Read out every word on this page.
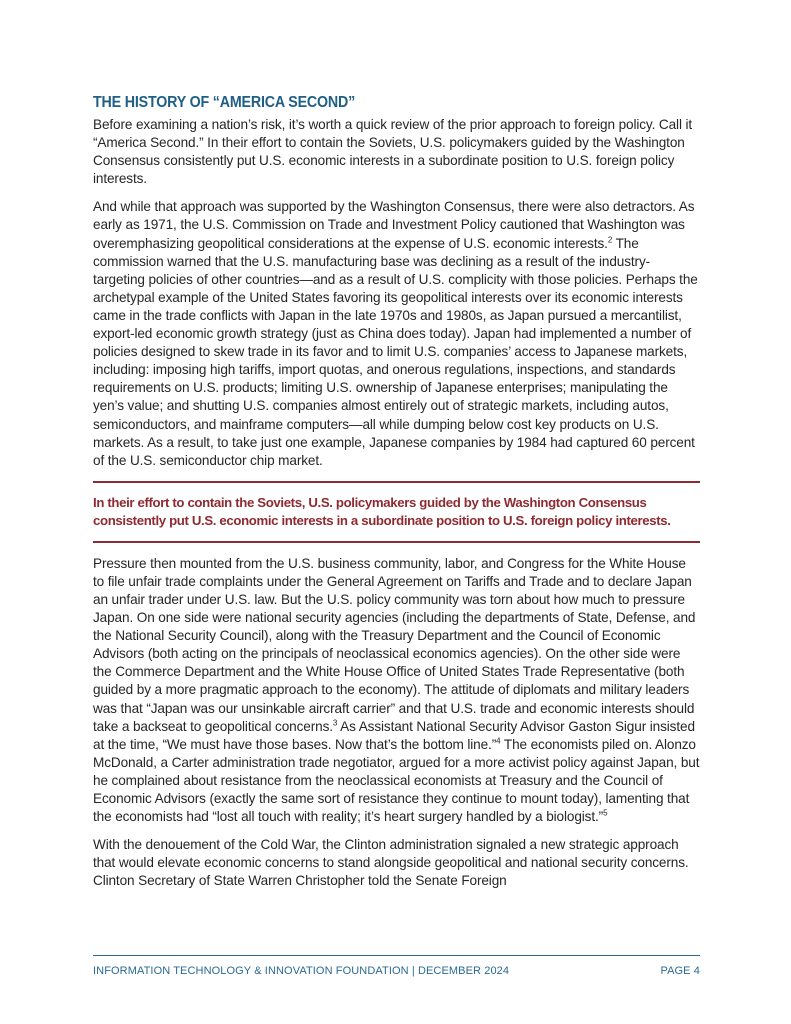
THE HISTORY OF “AMERICA SECOND”

Before examining a nation’s risk, it’s worth a quick review of the prior approach to foreign policy. Call it “America Second.” In their effort to contain the Soviets, U.S. policymakers guided by the Washington Consensus consistently put U.S. economic interests in a subordinate position to U.S. foreign policy interests.

And while that approach was supported by the Washington Consensus, there were also detractors. As early as 1971, the U.S. Commission on Trade and Investment Policy cautioned that Washington was overemphasizing geopolitical considerations at the expense of U.S. economic interests.$^2$ The commission warned that the U.S. manufacturing base was declining as a result of the industry-targeting policies of other countries—and as a result of U.S. complicity with those policies. Perhaps the archetypal example of the United States favoring its geopolitical interests over its economic interests came in the trade conflicts with Japan in the late 1970s and 1980s, as Japan pursued a mercantilist, export-led economic growth strategy (just as China does today). Japan had implemented a number of policies designed to skew trade in its favor and to limit U.S. companies’ access to Japanese markets, including: imposing high tariffs, import quotas, and onerous regulations, inspections, and standards requirements on U.S. products; limiting U.S. ownership of Japanese enterprises; manipulating the yen’s value; and shutting U.S. companies almost entirely out of strategic markets, including autos, semiconductors, and mainframe computers—all while dumping below cost key products on U.S. markets. As a result, to take just one example, Japanese companies by 1984 had captured 60 percent of the U.S. semiconductor chip market.

In their effort to contain the Soviets, U.S. policymakers guided by the Washington Consensus consistently put U.S. economic interests in a subordinate position to U.S. foreign policy interests.

Pressure then mounted from the U.S. business community, labor, and Congress for the White House to file unfair trade complaints under the General Agreement on Tariffs and Trade and to declare Japan an unfair trader under U.S. law. But the U.S. policy community was torn about how much to pressure Japan. On one side were national security agencies (including the departments of State, Defense, and the National Security Council), along with the Treasury Department and the Council of Economic Advisors (both acting on the principals of neoclassical economics agencies). On the other side were the Commerce Department and the White House Office of United States Trade Representative (both guided by a more pragmatic approach to the economy). The attitude of diplomats and military leaders was that “Japan was our unsinkable aircraft carrier” and that U.S. trade and economic interests should take a backseat to geopolitical concerns.$^3$ As Assistant National Security Advisor Gaston Sigur insisted at the time, “We must have those bases. Now that’s the bottom line.”$^4$ The economists piled on. Alonzo McDonald, a Carter administration trade negotiator, argued for a more activist policy against Japan, but he complained about resistance from the neoclassical economists at Treasury and the Council of Economic Advisors (exactly the same sort of resistance they continue to mount today), lamenting that the economists had “lost all touch with reality; it’s heart surgery handled by a biologist.”$^5$

With the denouement of the Cold War, the Clinton administration signaled a new strategic approach that would elevate economic concerns to stand alongside geopolitical and national security concerns. Clinton Secretary of State Warren Christopher told the Senate Foreign

INFORMATION TECHNOLOGY & INNOVATION FOUNDATION | DECEMBER 2024	PAGE 4
